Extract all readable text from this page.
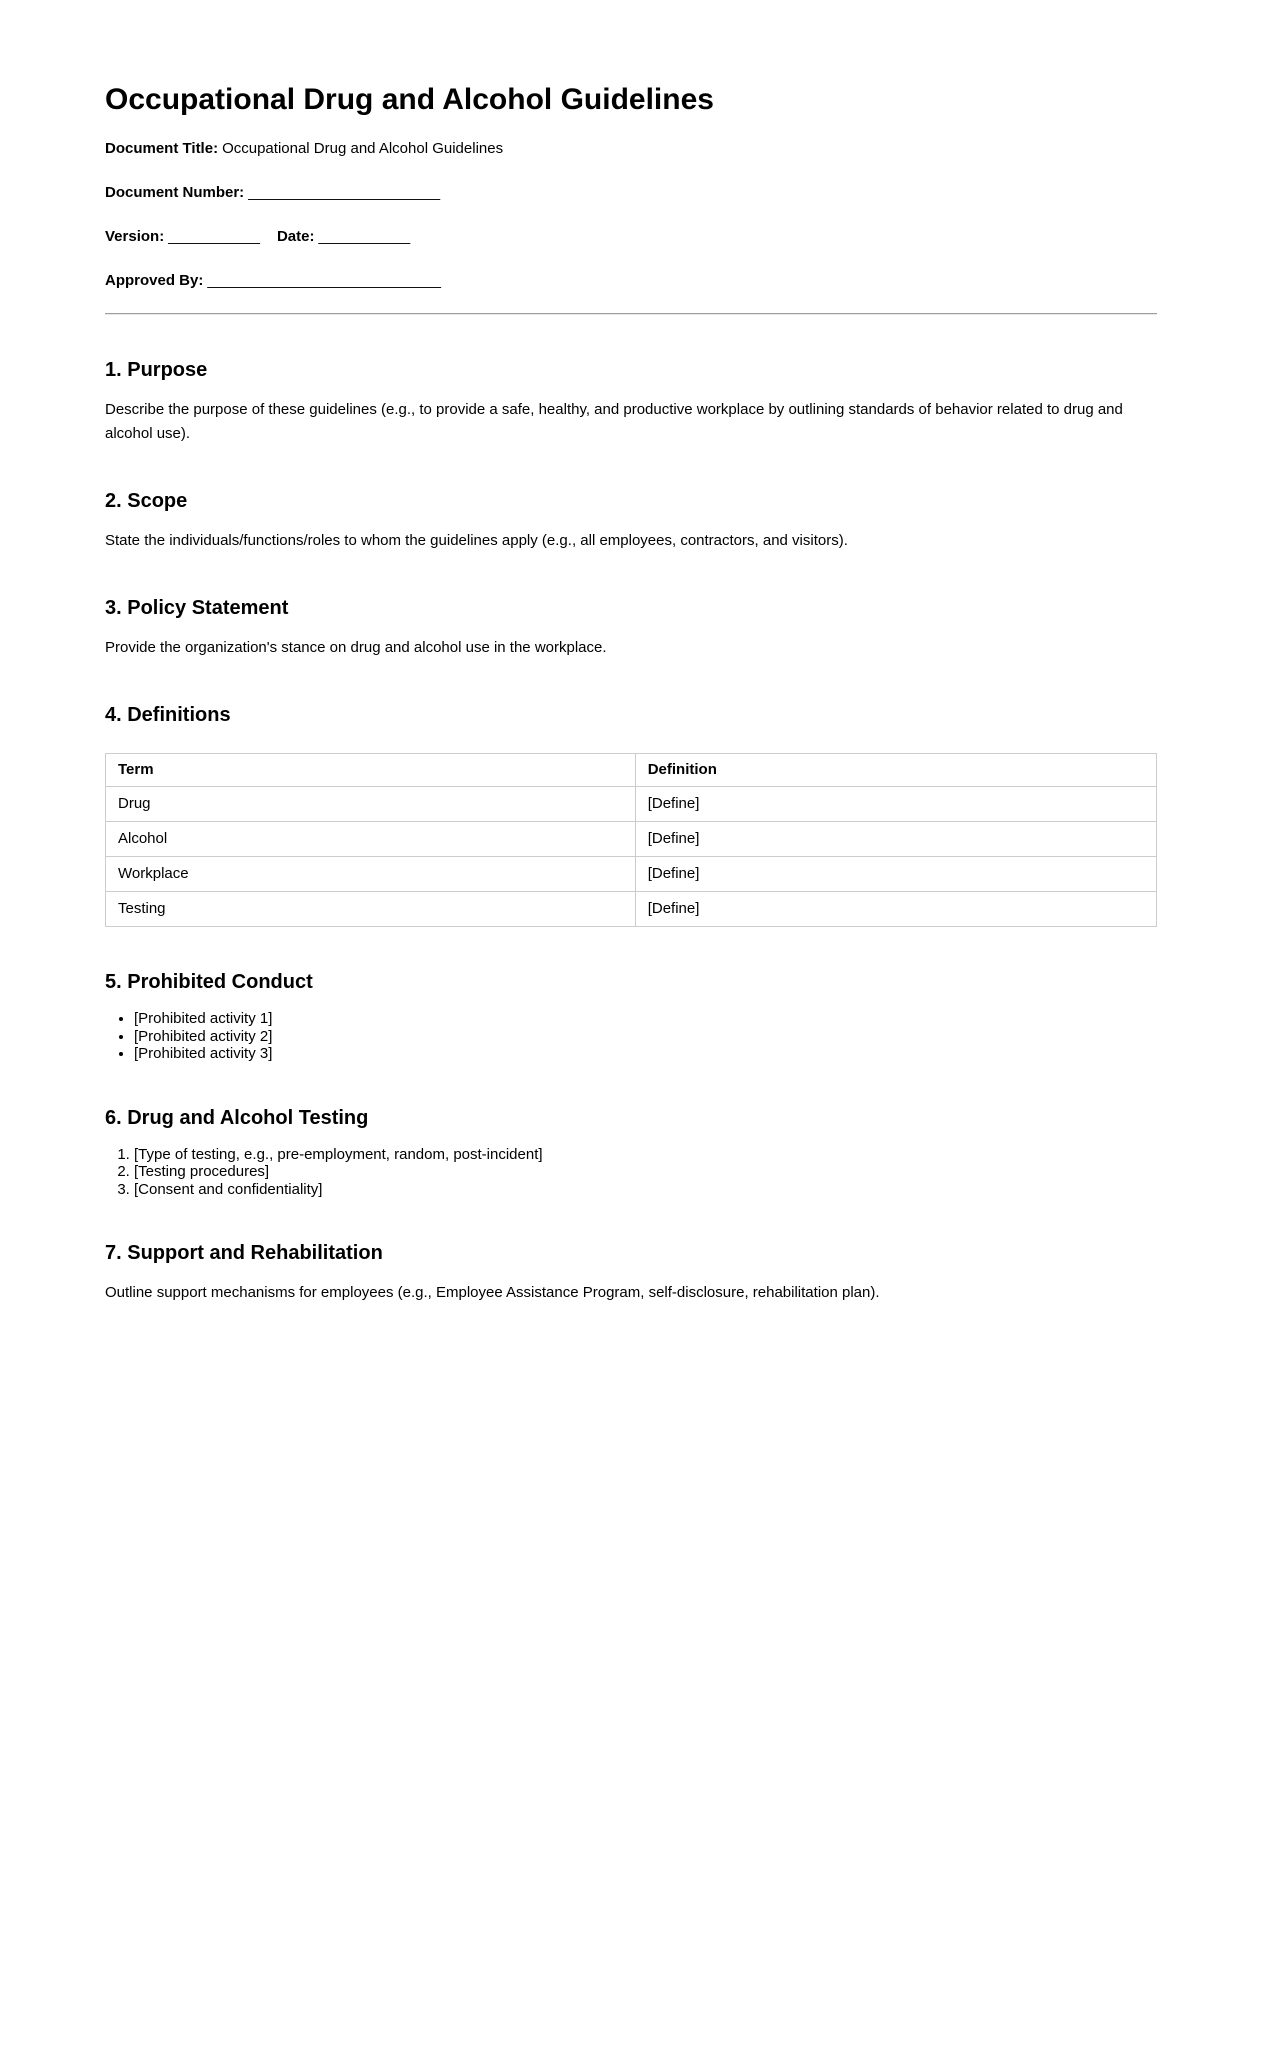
Occupational Drug and Alcohol Guidelines

Document Title: Occupational Drug and Alcohol Guidelines

Document Number: _______________________

Version: ___________ Date: ___________

Approved By: ____________________________

1. Purpose

Describe the purpose of these guidelines (e.g., to provide a safe, healthy, and productive workplace by outlining standards of behavior related to drug and alcohol use).

2. Scope

State the individuals/functions/roles to whom the guidelines apply (e.g., all employees, contractors, and visitors).

3. Policy Statement

Provide the organization's stance on drug and alcohol use in the workplace.

4. Definitions
Term	Definition
Drug	[Define]
Alcohol	[Define]
Workplace	[Define]
Testing	[Define]
5. Prohibited Conduct
• [Prohibited activity 1]
• [Prohibited activity 2]
• [Prohibited activity 3]
6. Drug and Alcohol Testing
1. [Type of testing, e.g., pre-employment, random, post-incident]
2. [Testing procedures]
3. [Consent and confidentiality]
7. Support and Rehabilitation

Outline support mechanisms for employees (e.g., Employee Assistance Program, self-disclosure, rehabilitation plan).
